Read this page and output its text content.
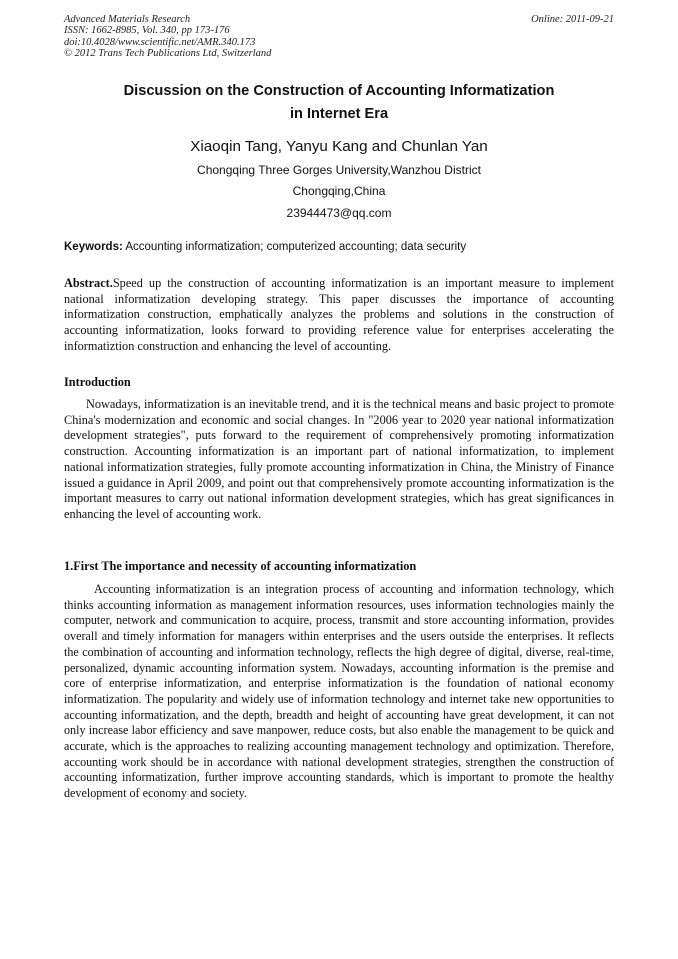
Advanced Materials Research
ISSN: 1662-8985, Vol. 340, pp 173-176
doi:10.4028/www.scientific.net/AMR.340.173
© 2012 Trans Tech Publications Ltd, Switzerland
Online: 2011-09-21
Discussion on the Construction of Accounting Informatization
in Internet Era
Xiaoqin Tang, Yanyu Kang and Chunlan Yan
Chongqing Three Gorges University,Wanzhou District
Chongqing,China
23944473@qq.com
Keywords: Accounting informatization; computerized accounting; data security

Abstract.Speed up the construction of accounting informatization is an important measure to implement national informatization developing strategy. This paper discusses the importance of accounting informatization construction, emphatically analyzes the problems and solutions in the construction of accounting informatization, looks forward to providing reference value for enterprises accelerating the informatiztion construction and enhancing the level of accounting.

Introduction

Nowadays, informatization is an inevitable trend, and it is the technical means and basic project to promote China's modernization and economic and social changes. In "2006 year to 2020 year national informatization development strategies", puts forward to the requirement of comprehensively promoting informatization construction. Accounting informatization is an important part of national informatization, to implement national informatization strategies, fully promote accounting informatization in China, the Ministry of Finance issued a guidance in April 2009, and point out that comprehensively promote accounting informatization is the important measures to carry out national information development strategies, which has great significances in enhancing the level of accounting work.

1.First The importance and necessity of accounting informatization

Accounting informatization is an integration process of accounting and information technology, which thinks accounting information as management information resources, uses information technologies mainly the computer, network and communication to acquire, process, transmit and store accounting information, provides overall and timely information for managers within enterprises and the users outside the enterprises. It reflects the combination of accounting and information technology, reflects the high degree of digital, diverse, real-time, personalized, dynamic accounting information system. Nowadays, accounting information is the premise and core of enterprise informatization, and enterprise informatization is the foundation of national economy informatization. The popularity and widely use of information technology and internet take new opportunities to accounting informatization, and the depth, breadth and height of accounting have great development, it can not only increase labor efficiency and save manpower, reduce costs, but also enable the management to be quick and accurate, which is the approaches to realizing accounting management technology and optimization. Therefore, accounting work should be in accordance with national development strategies, strengthen the construction of accounting informatization, further improve accounting standards, which is important to promote the healthy development of economy and society.
